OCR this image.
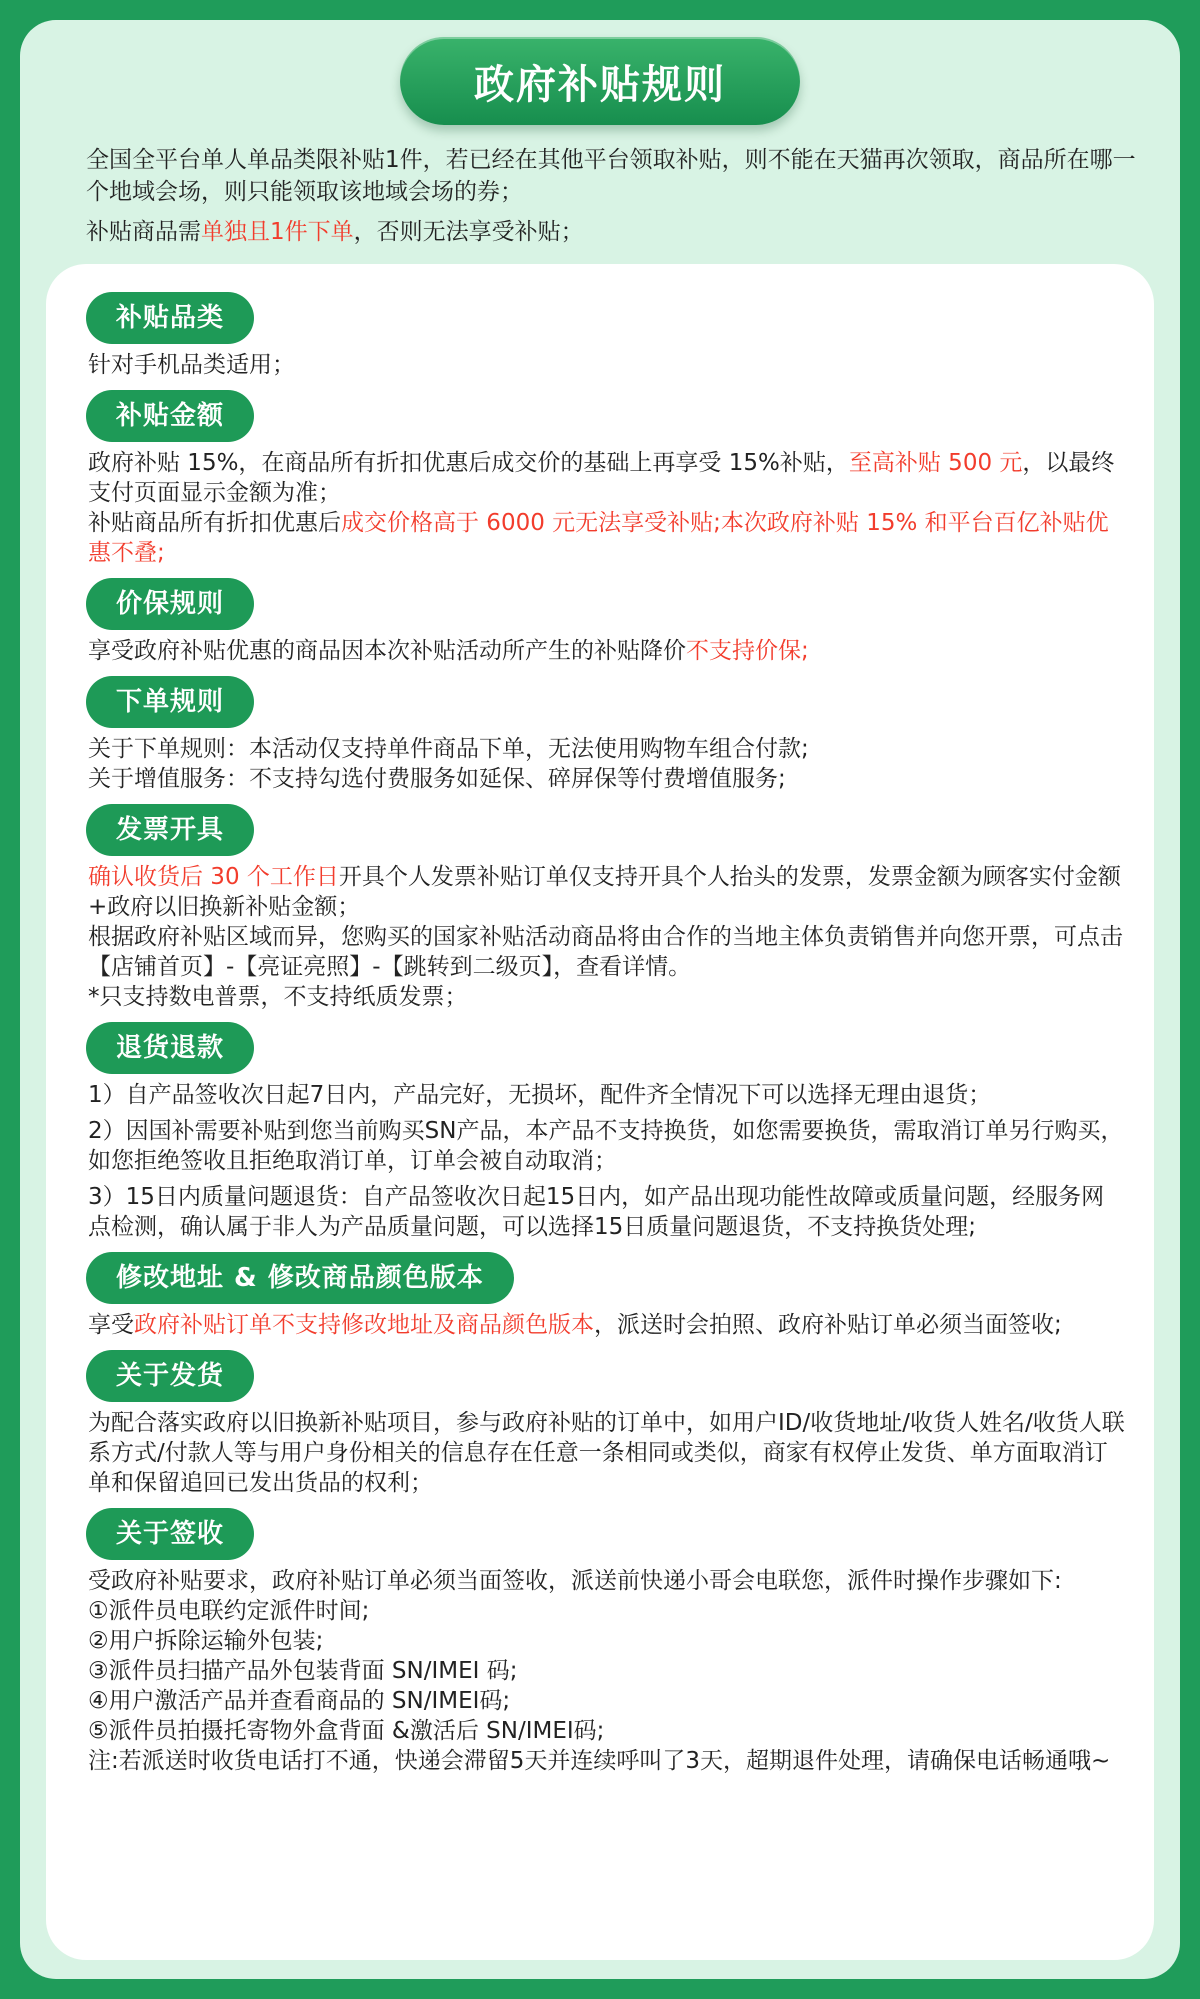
政府补贴规则

全国全平台单人单品类限补贴1件，若已经在其他平台领取补贴，则不能在天猫再次领取，商品所在哪一个地域会场，则只能领取该地域会场的券；

补贴商品需单独且1件下单，否则无法享受补贴；

补贴品类

针对手机品类适用；

补贴金额

政府补贴 15%，在商品所有折扣优惠后成交价的基础上再享受 15%补贴，至高补贴 500 元，以最终支付页面显示金额为准；

补贴商品所有折扣优惠后成交价格高于 6000 元无法享受补贴;本次政府补贴 15% 和平台百亿补贴优惠不叠;

价保规则

享受政府补贴优惠的商品因本次补贴活动所产生的补贴降价不支持价保;

下单规则

关于下单规则：本活动仅支持单件商品下单，无法使用购物车组合付款;

关于增值服务：不支持勾选付费服务如延保、碎屏保等付费增值服务;

发票开具

确认收货后 30 个工作日开具个人发票补贴订单仅支持开具个人抬头的发票，发票金额为顾客实付金额+政府以旧换新补贴金额；

根据政府补贴区域而异，您购买的国家补贴活动商品将由合作的当地主体负责销售并向您开票，可点击【店铺首页】-【亮证亮照】-【跳转到二级页】，查看详情。

*只支持数电普票，不支持纸质发票；

退货退款

1）自产品签收次日起7日内，产品完好，无损坏，配件齐全情况下可以选择无理由退货；

2）因国补需要补贴到您当前购买SN产品，本产品不支持换货，如您需要换货，需取消订单另行购买，如您拒绝签收且拒绝取消订单，订单会被自动取消；

3）15日内质量问题退货：自产品签收次日起15日内，如产品出现功能性故障或质量问题，经服务网点检测，确认属于非人为产品质量问题，可以选择15日质量问题退货，不支持换货处理;

修改地址 & 修改商品颜色版本

享受政府补贴订单不支持修改地址及商品颜色版本，派送时会拍照、政府补贴订单必须当面签收;

关于发货

为配合落实政府以旧换新补贴项目，参与政府补贴的订单中，如用户ID/收货地址/收货人姓名/收货人联系方式/付款人等与用户身份相关的信息存在任意一条相同或类似，商家有权停止发货、单方面取消订单和保留追回已发出货品的权利；

关于签收

受政府补贴要求，政府补贴订单必须当面签收，派送前快递小哥会电联您，派件时操作步骤如下:

①派件员电联约定派件时间;

②用户拆除运输外包装;

③派件员扫描产品外包装背面 SN/IMEI 码;

④用户激活产品并查看商品的 SN/IMEI码;

⑤派件员拍摄托寄物外盒背面 &激活后 SN/IMEI码;

注:若派送时收货电话打不通，快递会滞留5天并连续呼叫了3天，超期退件处理，请确保电话畅通哦~
